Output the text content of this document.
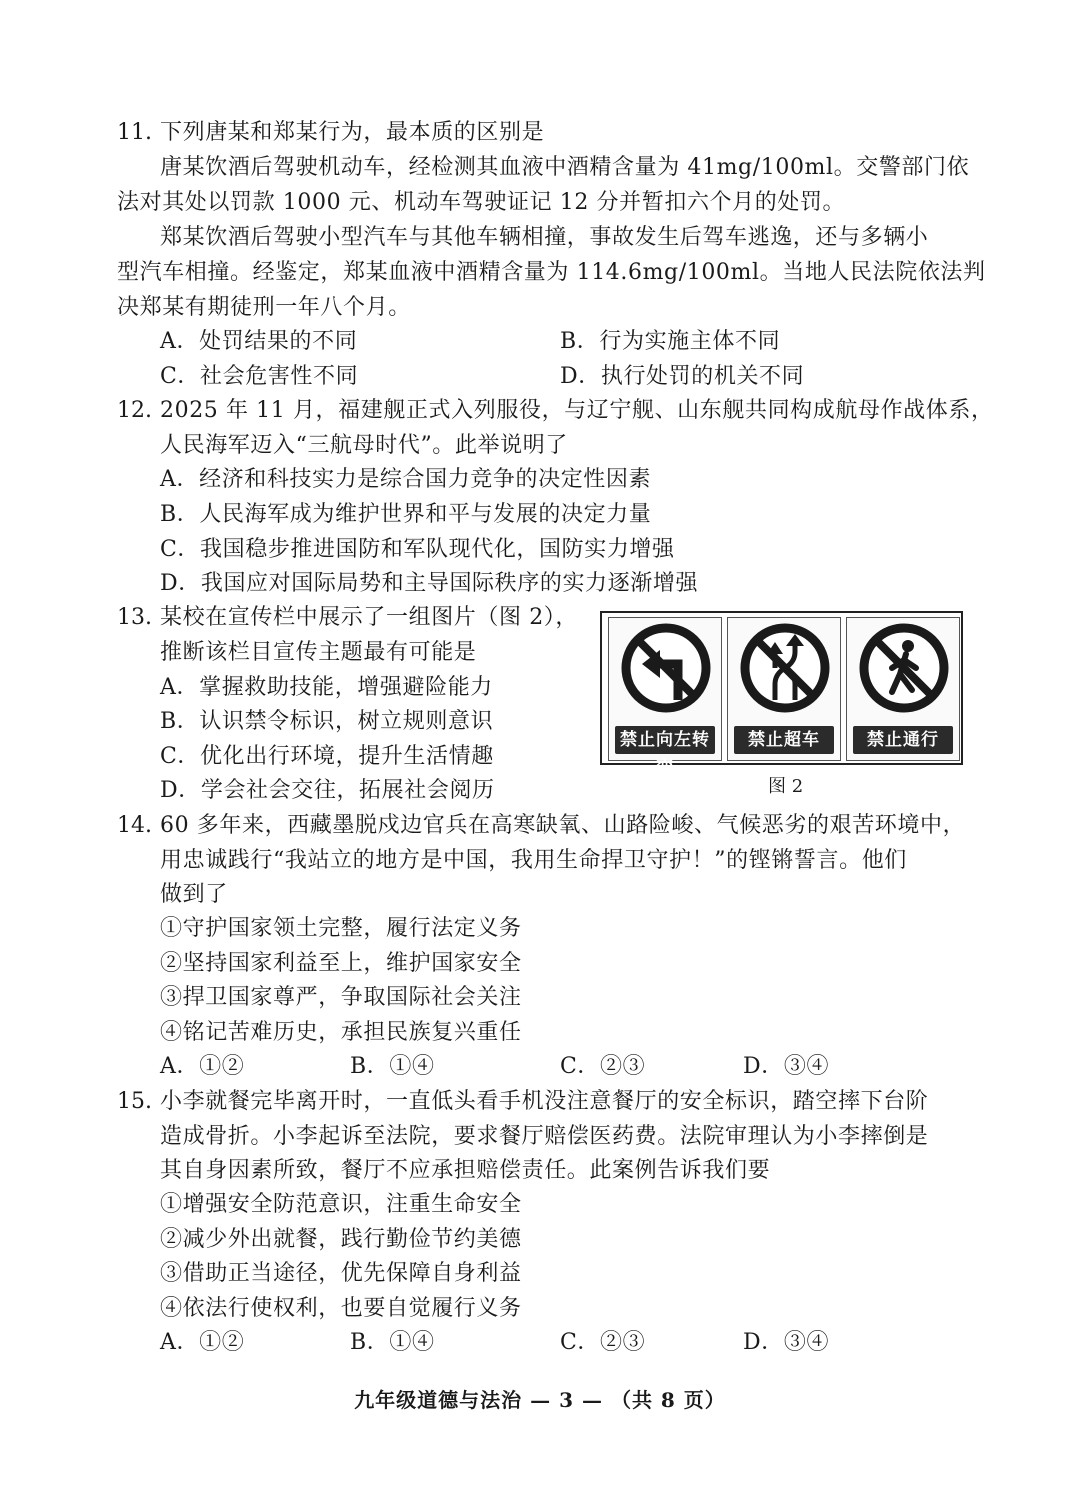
11. 下列唐某和郑某行为，最本质的区别是
唐某饮酒后驾驶机动车，经检测其血液中酒精含量为 41mg/100ml。交警部门依
法对其处以罚款 1000 元、机动车驾驶证记 12 分并暂扣六个月的处罚。
郑某饮酒后驾驶小型汽车与其他车辆相撞，事故发生后驾车逃逸，还与多辆小
型汽车相撞。经鉴定，郑某血液中酒精含量为 114.6mg/100ml。当地人民法院依法判
决郑某有期徒刑一年八个月。
A．处罚结果的不同	B．行为实施主体不同
C．社会危害性不同	D．执行处罚的机关不同
12. 2025 年 11 月，福建舰正式入列服役，与辽宁舰、山东舰共同构成航母作战体系，
人民海军迈入“三航母时代”。此举说明了
A．经济和科技实力是综合国力竞争的决定性因素
B．人民海军成为维护世界和平与发展的决定力量
C．我国稳步推进国防和军队现代化，国防实力增强
D．我国应对国际局势和主导国际秩序的实力逐渐增强
13. 某校在宣传栏中展示了一组图片（图 2），
推断该栏目宣传主题最有可能是
A．掌握救助技能，增强避险能力
B．认识禁令标识，树立规则意识
C．优化出行环境，提升生活情趣
D．学会社会交往，拓展社会阅历
禁止向左转弯
禁止超车	禁止通行
图 2
14. 60 多年来，西藏墨脱戍边官兵在高寒缺氧、山路险峻、气候恶劣的艰苦环境中，
用忠诚践行“我站立的地方是中国，我用生命捍卫守护！”的铿锵誓言。他们
做到了
①守护国家领土完整，履行法定义务
②坚持国家利益至上，维护国家安全
③捍卫国家尊严，争取国际社会关注
④铭记苦难历史，承担民族复兴重任
A．①②	B．①④	C．②③	D．③④
15. 小李就餐完毕离开时，一直低头看手机没注意餐厅的安全标识，踏空摔下台阶
造成骨折。小李起诉至法院，要求餐厅赔偿医药费。法院审理认为小李摔倒是
其自身因素所致，餐厅不应承担赔偿责任。此案例告诉我们要
①增强安全防范意识，注重生命安全
②减少外出就餐，践行勤俭节约美德
③借助正当途径，优先保障自身利益
④依法行使权利，也要自觉履行义务
A．①②	B．①④	C．②③	D．③④
九年级道德与法治 — 3 — （共 8 页）
